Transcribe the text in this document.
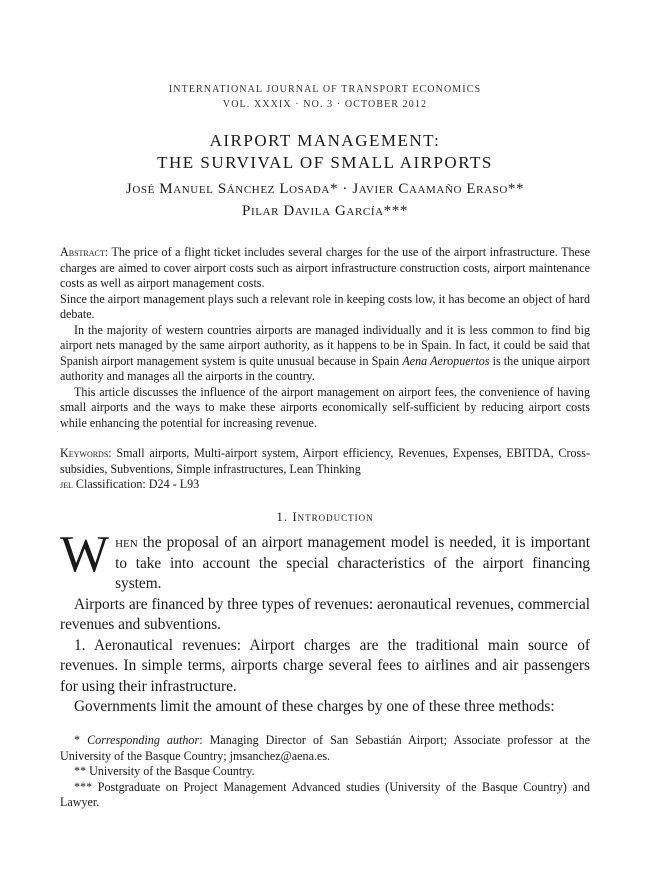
INTERNATIONAL JOURNAL OF TRANSPORT ECONOMICS
VOL. XXXIX · NO. 3 · OCTOBER 2012
AIRPORT MANAGEMENT:
THE SURVIVAL OF SMALL AIRPORTS
José Manuel Sánchez Losada* · Javier Caamaño Eraso**
Pilar Davila García***

Abstract: The price of a flight ticket includes several charges for the use of the airport infrastructure. These charges are aimed to cover airport costs such as airport infrastructure construction costs, airport maintenance costs as well as airport management costs.

Since the airport management plays such a relevant role in keeping costs low, it has become an object of hard debate.

In the majority of western countries airports are managed individually and it is less common to find big airport nets managed by the same airport authority, as it happens to be in Spain. In fact, it could be said that Spanish airport management system is quite unusual because in Spain Aena Aeropuertos is the unique airport authority and manages all the airports in the country.

This article discusses the influence of the airport management on airport fees, the convenience of having small airports and the ways to make these airports economically self-sufficient by reducing airport costs while enhancing the potential for increasing revenue.

Keywords: Small airports, Multi-airport system, Airport efficiency, Revenues, Expenses, EBITDA, Cross-subsidies, Subventions, Simple infrastructures, Lean Thinking

jel Classification: D24 - L93

1. Introduction

When the proposal of an airport management model is needed, it is important to take into account the special characteristics of the airport financing system.

Airports are financed by three types of revenues: aeronautical revenues, commercial revenues and subventions.

1. Aeronautical revenues: Airport charges are the traditional main source of revenues. In simple terms, airports charge several fees to airlines and air passengers for using their infrastructure.

Governments limit the amount of these charges by one of these three methods:

* Corresponding author: Managing Director of San Sebastián Airport; Associate professor at the University of the Basque Country; jmsanchez@aena.es.

** University of the Basque Country.

*** Postgraduate on Project Management Advanced studies (University of the Basque Country) and Lawyer.
